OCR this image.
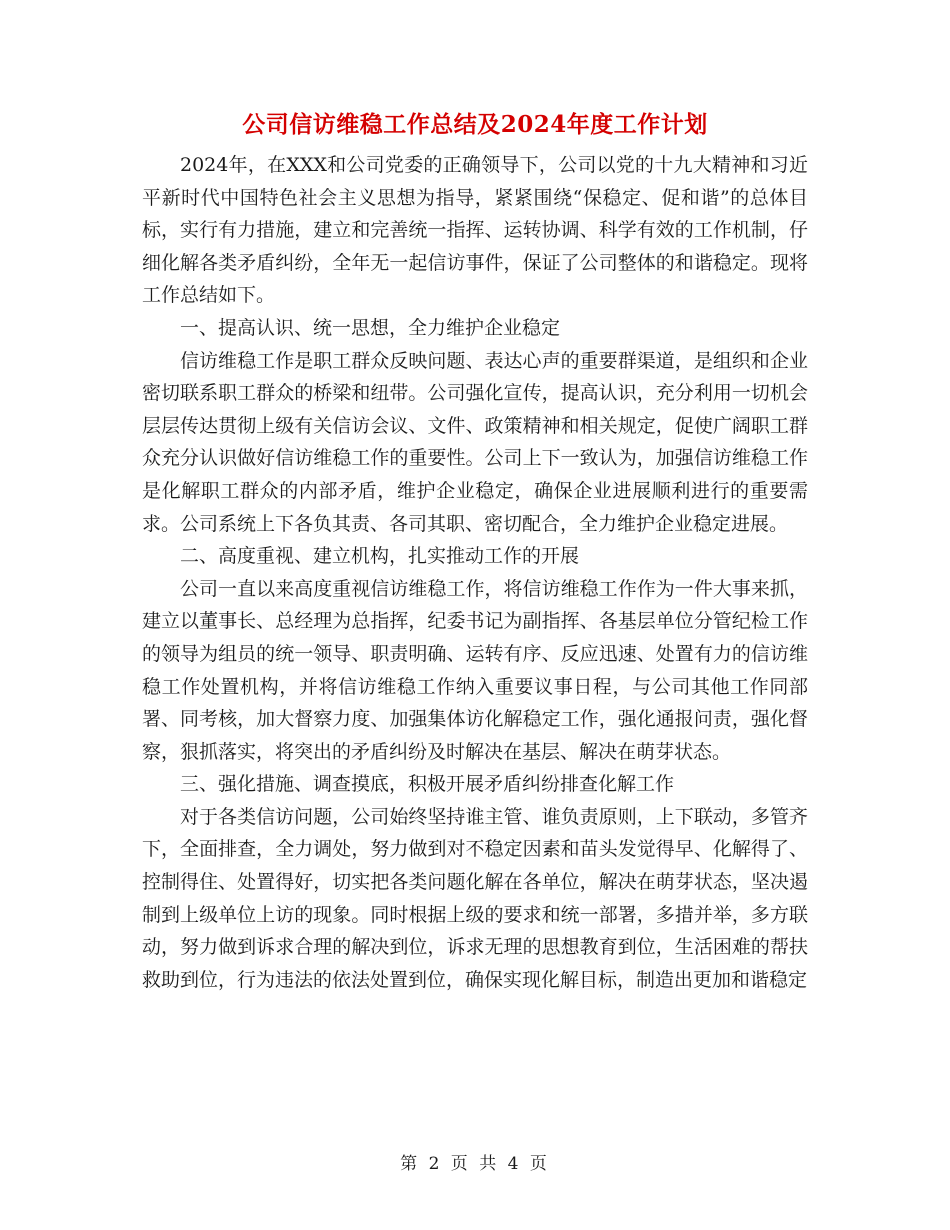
公司信访维稳工作总结及2024年度工作计划

2024年，在XXX和公司党委的正确领导下，公司以党的十九大精神和习近平新时代中国特色社会主义思想为指导，紧紧围绕“保稳定、促和谐”的总体目标，实行有力措施，建立和完善统一指挥、运转协调、科学有效的工作机制，仔细化解各类矛盾纠纷，全年无一起信访事件，保证了公司整体的和谐稳定。现将工作总结如下。

一、提高认识、统一思想，全力维护企业稳定

信访维稳工作是职工群众反映问题、表达心声的重要群渠道，是组织和企业密切联系职工群众的桥梁和纽带。公司强化宣传，提高认识，充分利用一切机会层层传达贯彻上级有关信访会议、文件、政策精神和相关规定，促使广阔职工群众充分认识做好信访维稳工作的重要性。公司上下一致认为，加强信访维稳工作是化解职工群众的内部矛盾，维护企业稳定，确保企业进展顺利进行的重要需求。公司系统上下各负其责、各司其职、密切配合，全力维护企业稳定进展。

二、高度重视、建立机构，扎实推动工作的开展

公司一直以来高度重视信访维稳工作，将信访维稳工作作为一件大事来抓，建立以董事长、总经理为总指挥，纪委书记为副指挥、各基层单位分管纪检工作的领导为组员的统一领导、职责明确、运转有序、反应迅速、处置有力的信访维稳工作处置机构，并将信访维稳工作纳入重要议事日程，与公司其他工作同部署、同考核，加大督察力度、加强集体访化解稳定工作，强化通报问责，强化督察，狠抓落实，将突出的矛盾纠纷及时解决在基层、解决在萌芽状态。

三、强化措施、调查摸底，积极开展矛盾纠纷排查化解工作

对于各类信访问题，公司始终坚持谁主管、谁负责原则，上下联动，多管齐下，全面排查，全力调处，努力做到对不稳定因素和苗头发觉得早、化解得了、控制得住、处置得好，切实把各类问题化解在各单位，解决在萌芽状态，坚决遏制到上级单位上访的现象。同时根据上级的要求和统一部署，多措并举，多方联动，努力做到诉求合理的解决到位，诉求无理的思想教育到位，生活困难的帮扶救助到位，行为违法的依法处置到位，确保实现化解目标，制造出更加和谐稳定

第 2 页 共 4 页
